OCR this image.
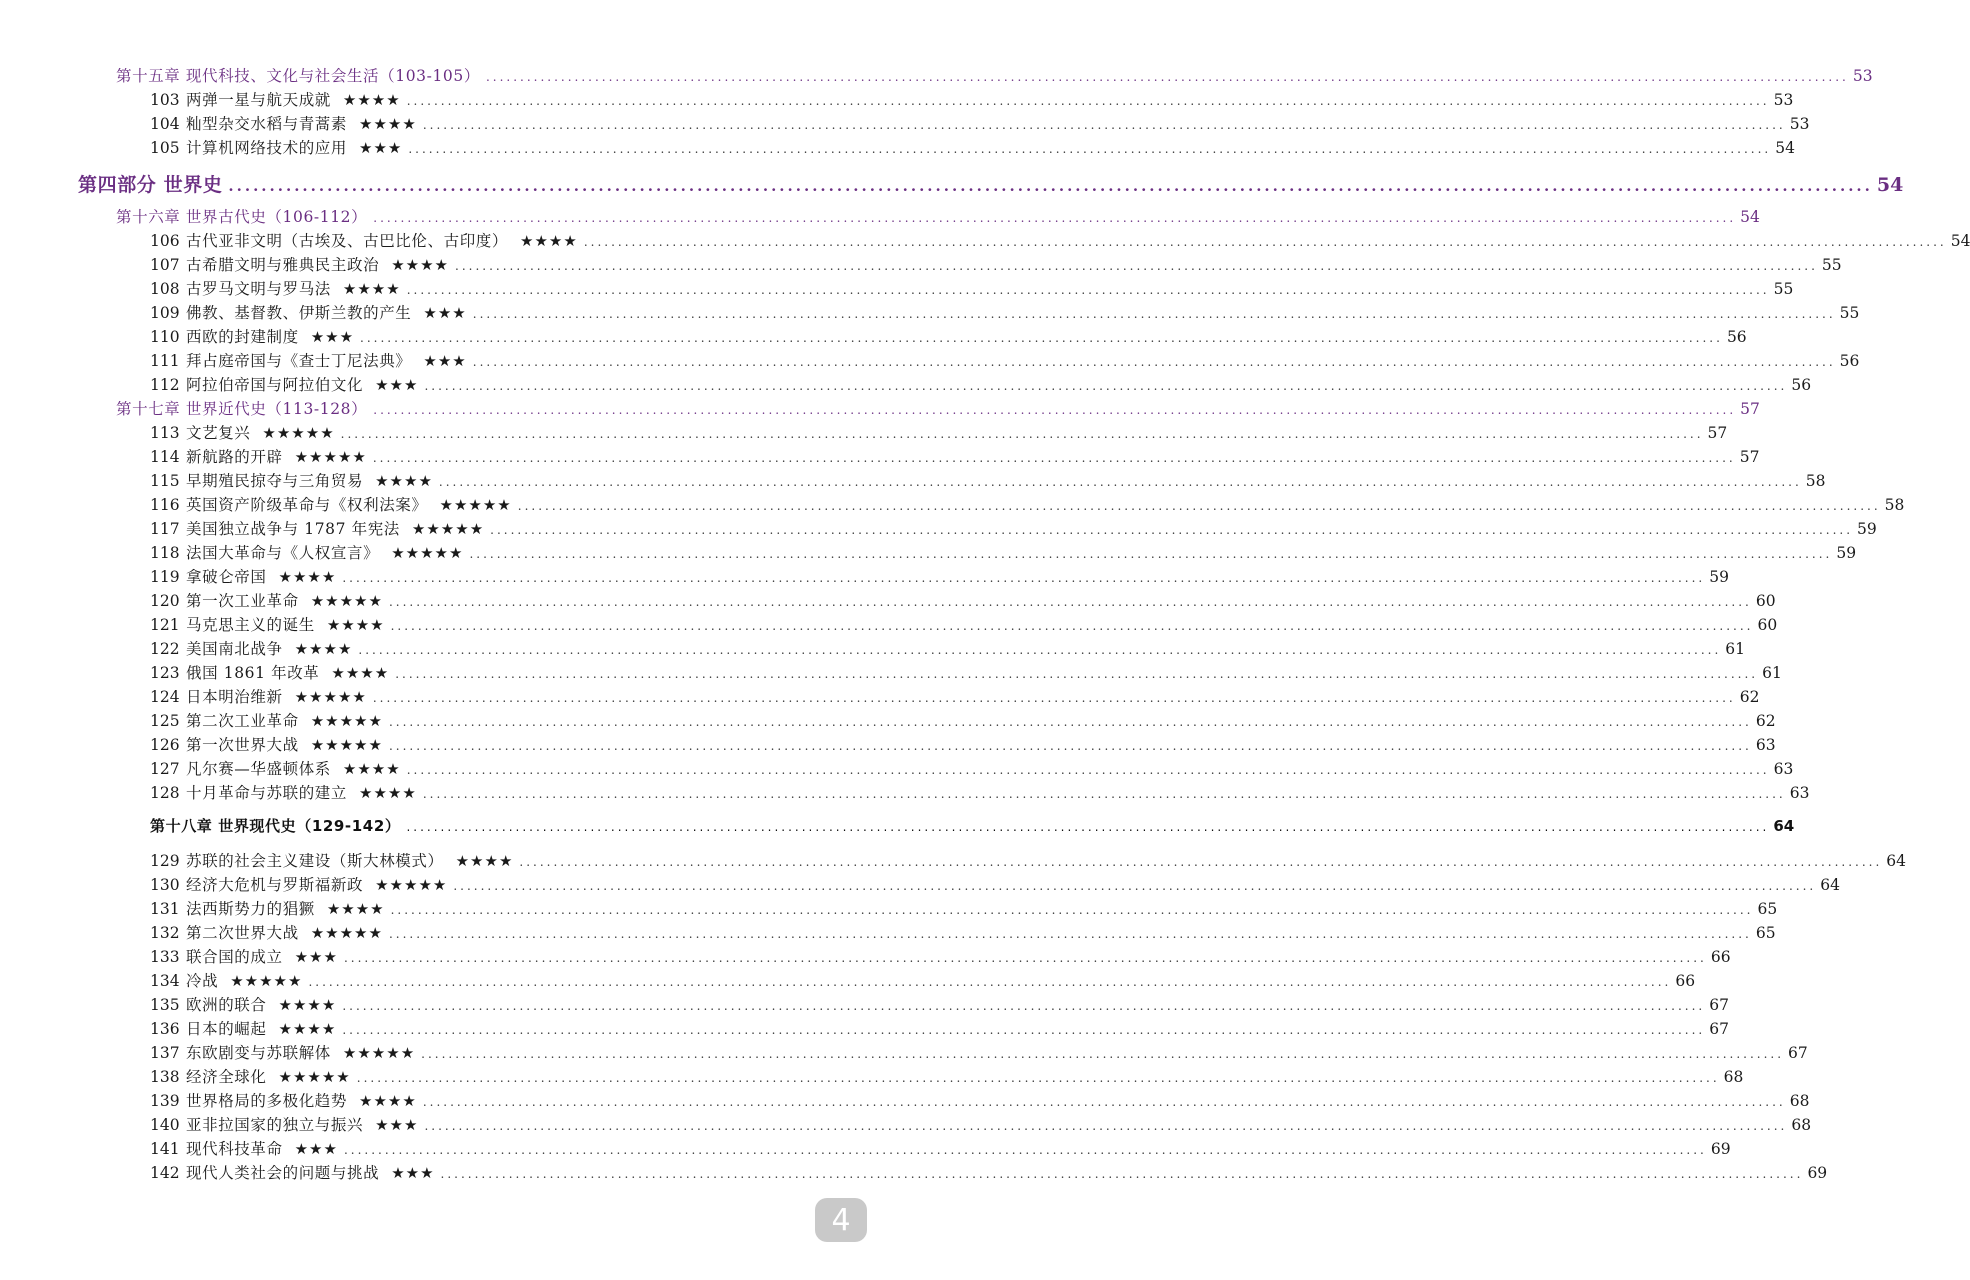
第十五章 现代科技、文化与社会生活（103-105） ........................................................................................................................................................................................................ 53
103 两弹一星与航天成就 ★★★★ ........................................................................................................................................................................................................ 53
104 籼型杂交水稻与青蒿素 ★★★★ ........................................................................................................................................................................................................ 53
105 计算机网络技术的应用 ★★★ ........................................................................................................................................................................................................ 54
第四部分 世界史 ........................................................................................................................................................................................................ 54
第十六章 世界古代史（106-112） ........................................................................................................................................................................................................ 54
106 古代亚非文明（古埃及、古巴比伦、古印度） ★★★★ ........................................................................................................................................................................................................ 54
107 古希腊文明与雅典民主政治 ★★★★ ........................................................................................................................................................................................................ 55
108 古罗马文明与罗马法 ★★★★ ........................................................................................................................................................................................................ 55
109 佛教、基督教、伊斯兰教的产生 ★★★ ........................................................................................................................................................................................................ 55
110 西欧的封建制度 ★★★ ........................................................................................................................................................................................................ 56
111 拜占庭帝国与《查士丁尼法典》 ★★★ ........................................................................................................................................................................................................ 56
112 阿拉伯帝国与阿拉伯文化 ★★★ ........................................................................................................................................................................................................ 56
第十七章 世界近代史（113-128） ........................................................................................................................................................................................................ 57
113 文艺复兴 ★★★★★ ........................................................................................................................................................................................................ 57
114 新航路的开辟 ★★★★★ ........................................................................................................................................................................................................ 57
115 早期殖民掠夺与三角贸易 ★★★★ ........................................................................................................................................................................................................ 58
116 英国资产阶级革命与《权利法案》 ★★★★★ ........................................................................................................................................................................................................ 58
117 美国独立战争与 1787 年宪法 ★★★★★ ........................................................................................................................................................................................................ 59
118 法国大革命与《人权宣言》 ★★★★★ ........................................................................................................................................................................................................ 59
119 拿破仑帝国 ★★★★ ........................................................................................................................................................................................................ 59
120 第一次工业革命 ★★★★★ ........................................................................................................................................................................................................ 60
121 马克思主义的诞生 ★★★★ ........................................................................................................................................................................................................ 60
122 美国南北战争 ★★★★ ........................................................................................................................................................................................................ 61
123 俄国 1861 年改革 ★★★★ ........................................................................................................................................................................................................ 61
124 日本明治维新 ★★★★★ ........................................................................................................................................................................................................ 62
125 第二次工业革命 ★★★★★ ........................................................................................................................................................................................................ 62
126 第一次世界大战 ★★★★★ ........................................................................................................................................................................................................ 63
127 凡尔赛—华盛顿体系 ★★★★ ........................................................................................................................................................................................................ 63
128 十月革命与苏联的建立 ★★★★ ........................................................................................................................................................................................................ 63
第十八章 世界现代史（129-142） ........................................................................................................................................................................................................ 64
129 苏联的社会主义建设（斯大林模式） ★★★★ ........................................................................................................................................................................................................ 64
130 经济大危机与罗斯福新政 ★★★★★ ........................................................................................................................................................................................................ 64
131 法西斯势力的猖獗 ★★★★ ........................................................................................................................................................................................................ 65
132 第二次世界大战 ★★★★★ ........................................................................................................................................................................................................ 65
133 联合国的成立 ★★★ ........................................................................................................................................................................................................ 66
134 冷战 ★★★★★ ........................................................................................................................................................................................................ 66
135 欧洲的联合 ★★★★ ........................................................................................................................................................................................................ 67
136 日本的崛起 ★★★★ ........................................................................................................................................................................................................ 67
137 东欧剧变与苏联解体 ★★★★★ ........................................................................................................................................................................................................ 67
138 经济全球化 ★★★★★ ........................................................................................................................................................................................................ 68
139 世界格局的多极化趋势 ★★★★ ........................................................................................................................................................................................................ 68
140 亚非拉国家的独立与振兴 ★★★ ........................................................................................................................................................................................................ 68
141 现代科技革命 ★★★ ........................................................................................................................................................................................................ 69
142 现代人类社会的问题与挑战 ★★★ ........................................................................................................................................................................................................ 69
4
